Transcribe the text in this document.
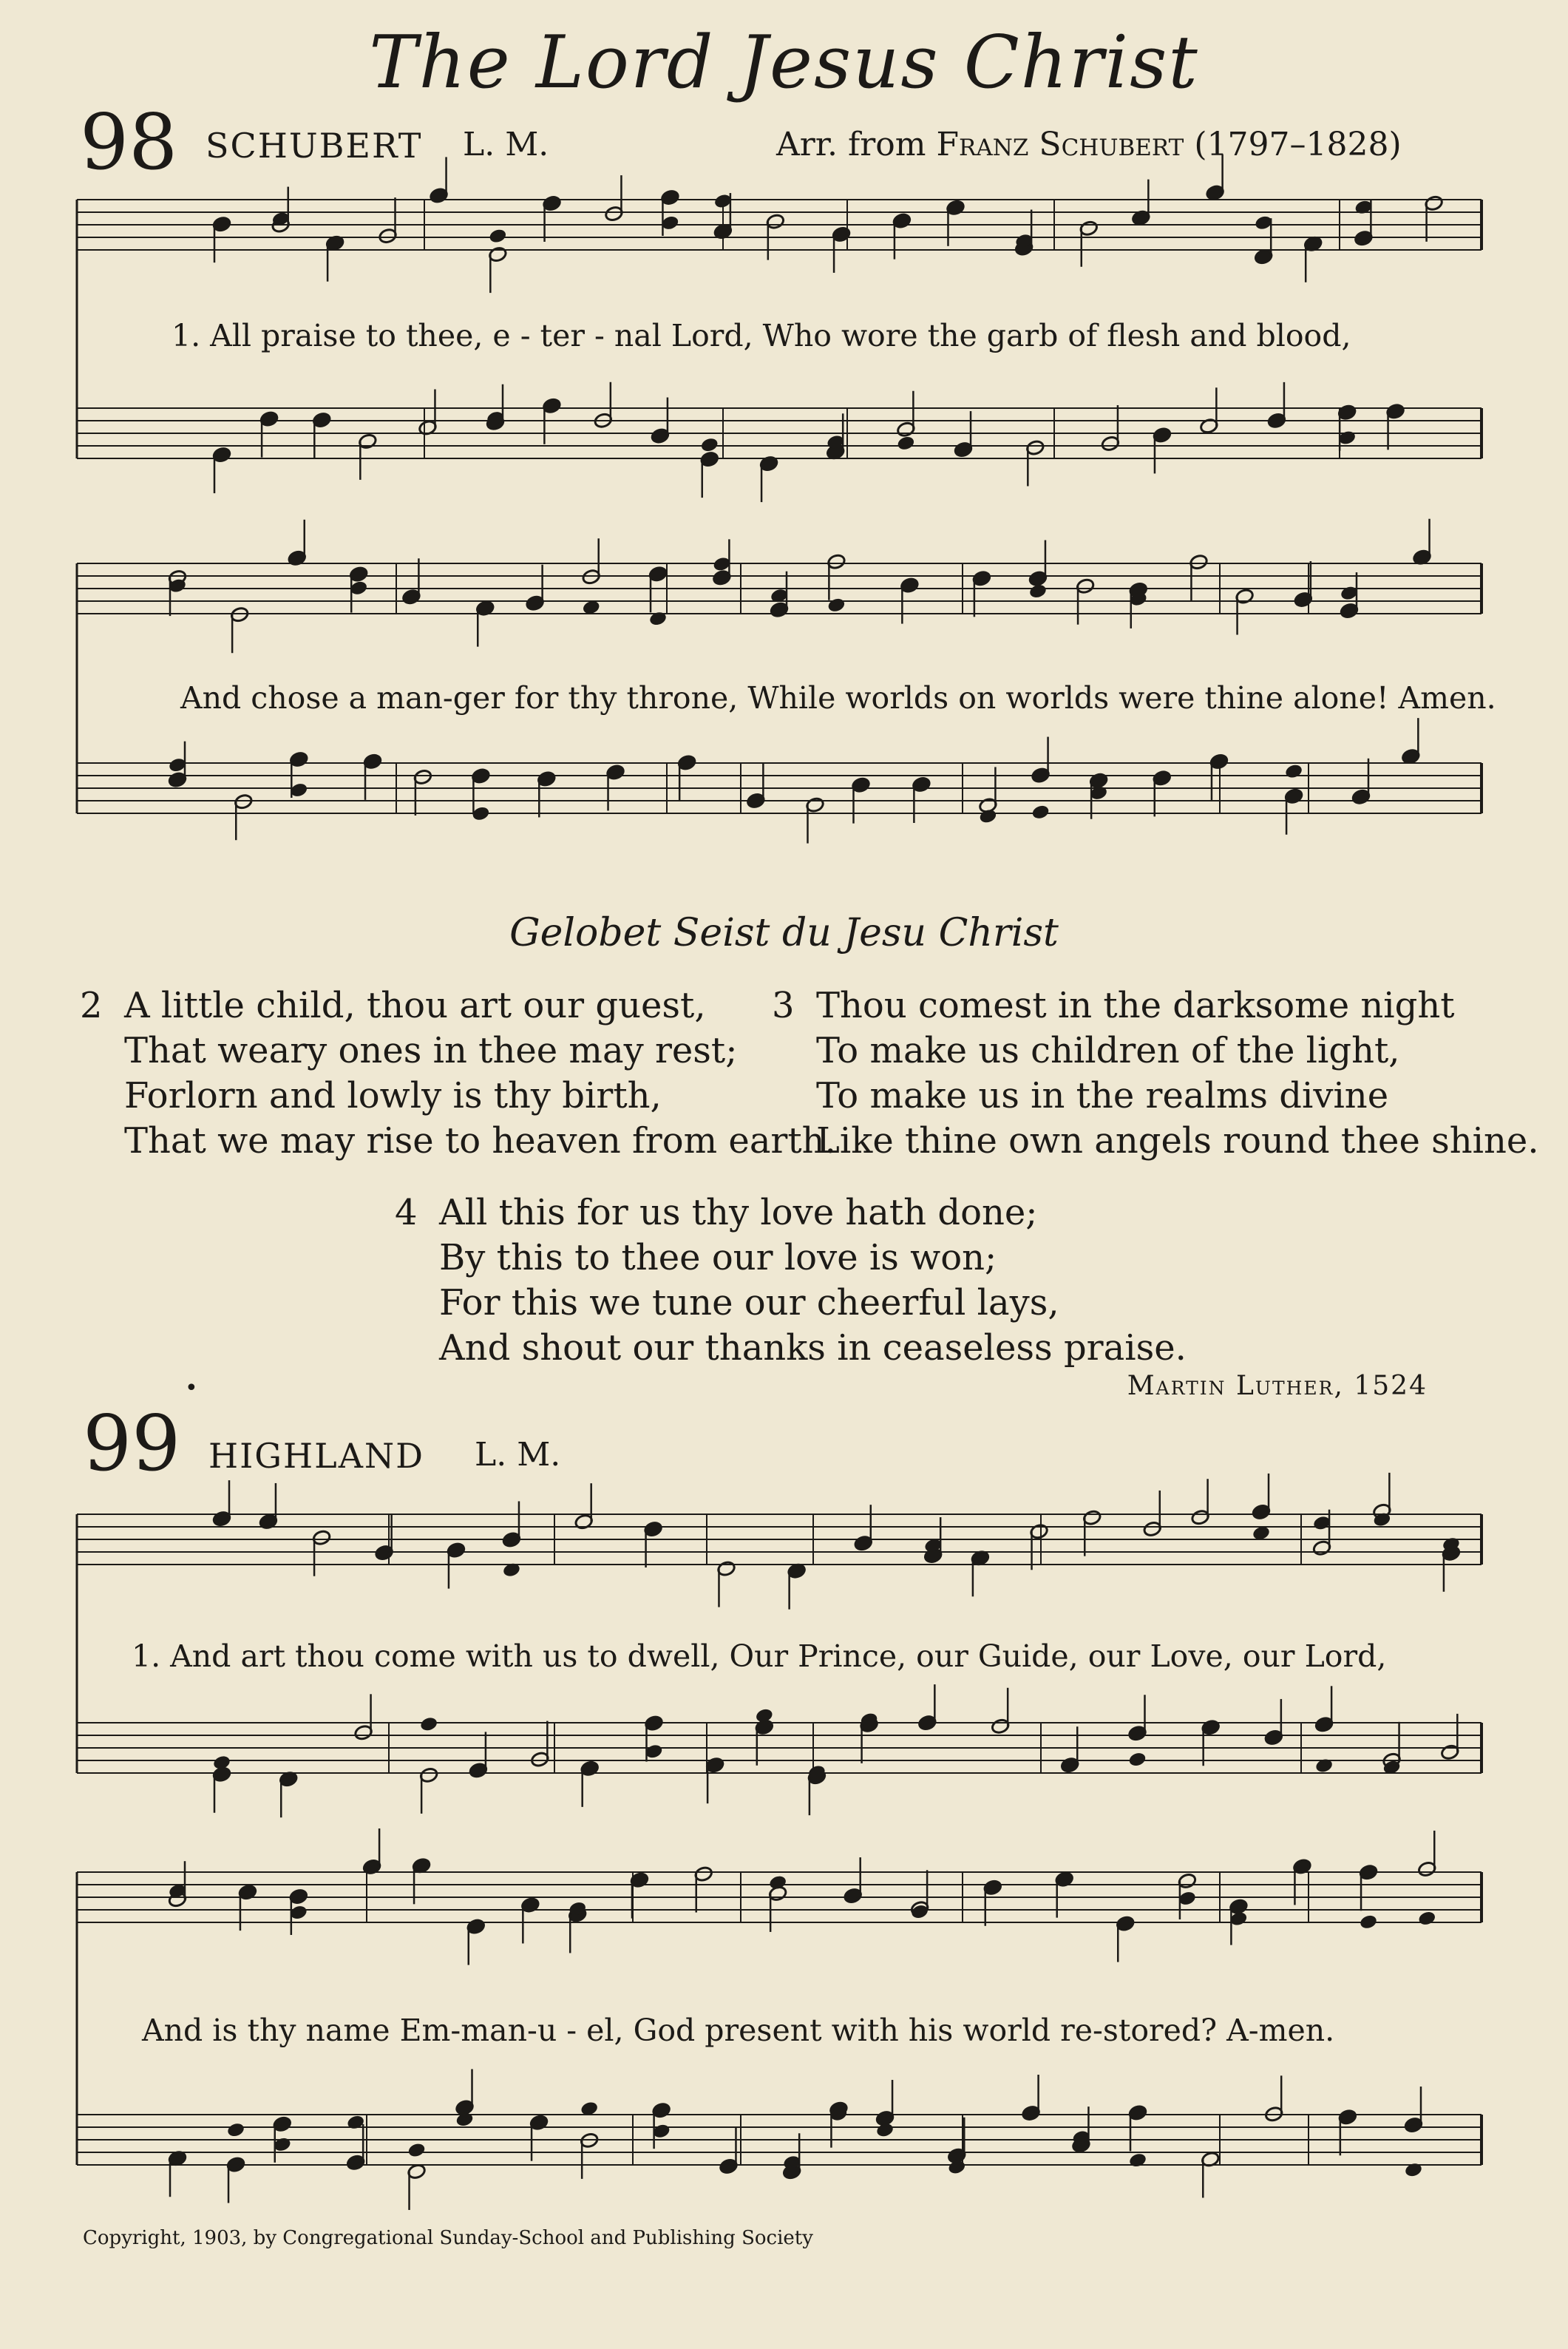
The Lord Jesus Christ
98 SCHUBERT L. M.	Arr. from Franz Schubert (1797–1828)
1. All praise to thee, e - ter - nal Lord, Who wore the garb of flesh and blood,
And chose a man-ger for thy throne, While worlds on worlds were thine alone! Amen.
Gelobet Seist du Jesu Christ
2 A little child, thou art our guest,
That weary ones in thee may rest;
Forlorn and lowly is thy birth,
That we may rise to heaven from earth.
3 Thou comest in the darksome night
To make us children of the light,
To make us in the realms divine
Like thine own angels round thee shine.
4 All this for us thy love hath done;
By this to thee our love is won;
For this we tune our cheerful lays,
And shout our thanks in ceaseless praise.
Martin Luther, 1524
•
99 HIGHLAND L. M.
1. And art thou come with us to dwell, Our Prince, our Guide, our Love, our Lord,
And is thy name Em-man-u - el, God present with his world re-stored? A-men.
Copyright, 1903, by Congregational Sunday-School and Publishing Society
